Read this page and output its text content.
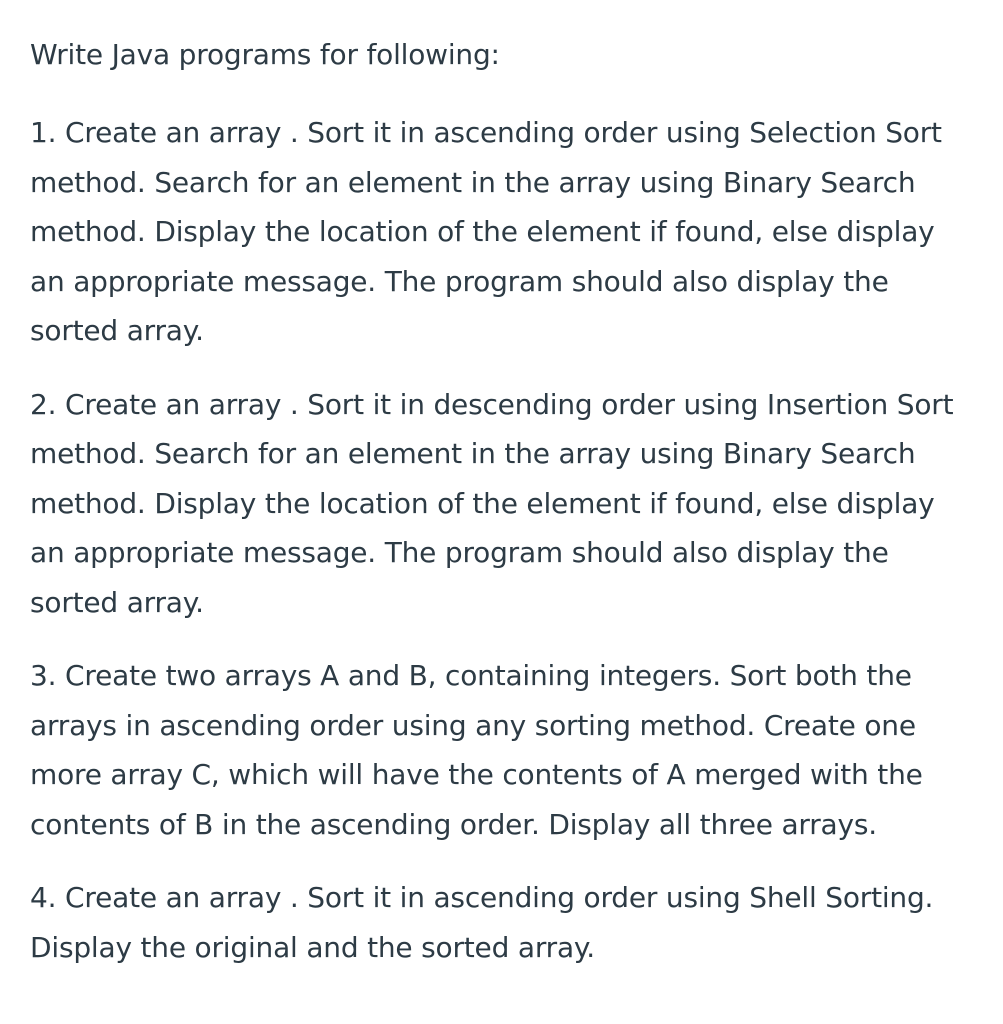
Write Java programs for following:

1. Create an array . Sort it in ascending order using Selection Sort method. Search for an element in the array using Binary Search method. Display the location of the element if found, else display an appropriate message. The program should also display the sorted array.

2. Create an array . Sort it in descending order using Insertion Sort method. Search for an element in the array using Binary Search method. Display the location of the element if found, else display an appropriate message. The program should also display the sorted array.

3. Create two arrays A and B, containing integers. Sort both the arrays in ascending order using any sorting method. Create one more array C, which will have the contents of A merged with the contents of B in the ascending order. Display all three arrays.

4. Create an array . Sort it in ascending order using Shell Sorting. Display the original and the sorted array.
